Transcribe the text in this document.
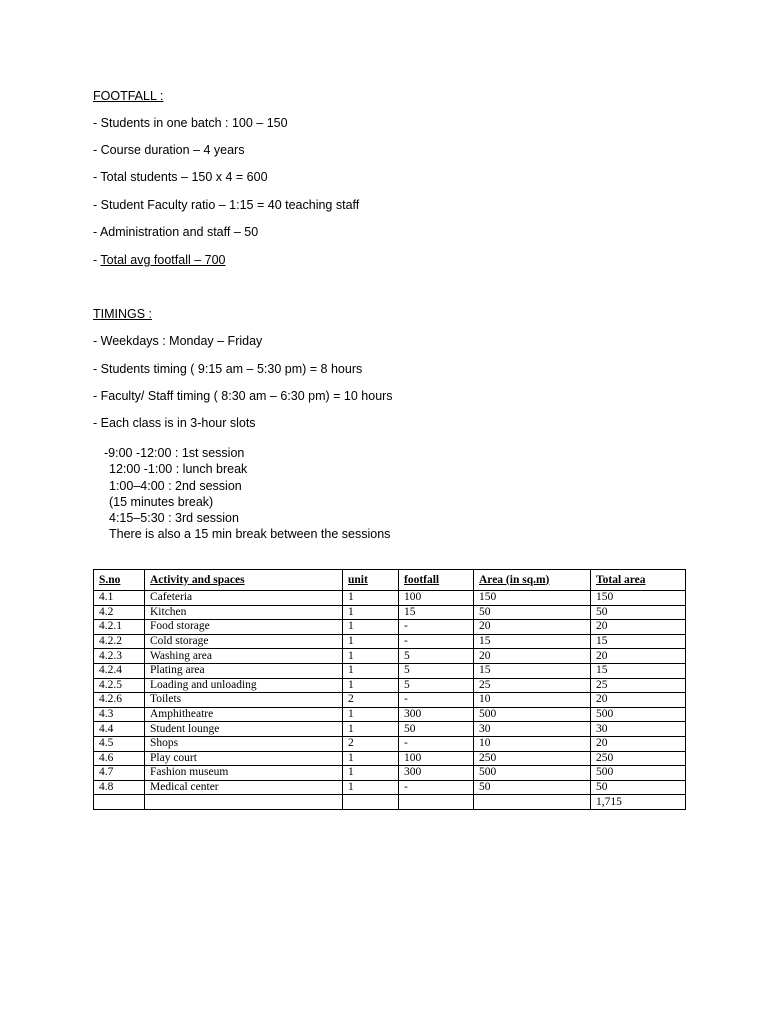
FOOTFALL :

- Students in one batch : 100 – 150

- Course duration – 4 years

- Total students – 150 x 4 = 600

- Student Faculty ratio – 1:15 = 40 teaching staff

- Administration and staff – 50

- Total avg footfall – 700

TIMINGS :

- Weekdays : Monday – Friday

- Students timing ( 9:15 am – 5:30 pm) = 8 hours

- Faculty/ Staff timing ( 8:30 am – 6:30 pm) = 10 hours

- Each class is in 3-hour slots

-9:00 -12:00 : 1st session

12:00 -1:00 : lunch break

1:00–4:00 : 2nd session

(15 minutes break)

4:15–5:30 : 3rd session

There is also a 15 min break between the sessions

S.no	Activity and spaces	unit	footfall	Area (in sq.m)	Total area
4.1	Cafeteria	1	100	150	150
4.2	Kitchen	1	15	50	50
4.2.1	Food storage	1	-	20	20
4.2.2	Cold storage	1	-	15	15
4.2.3	Washing area	1	5	20	20
4.2.4	Plating area	1	5	15	15
4.2.5	Loading and unloading	1	5	25	25
4.2.6	Toilets	2	-	10	20
4.3	Amphitheatre	1	300	500	500
4.4	Student lounge	1	50	30	30
4.5	Shops	2	-	10	20
4.6	Play court	1	100	250	250
4.7	Fashion museum	1	300	500	500
4.8	Medical center	1	-	50	50
					1,715
